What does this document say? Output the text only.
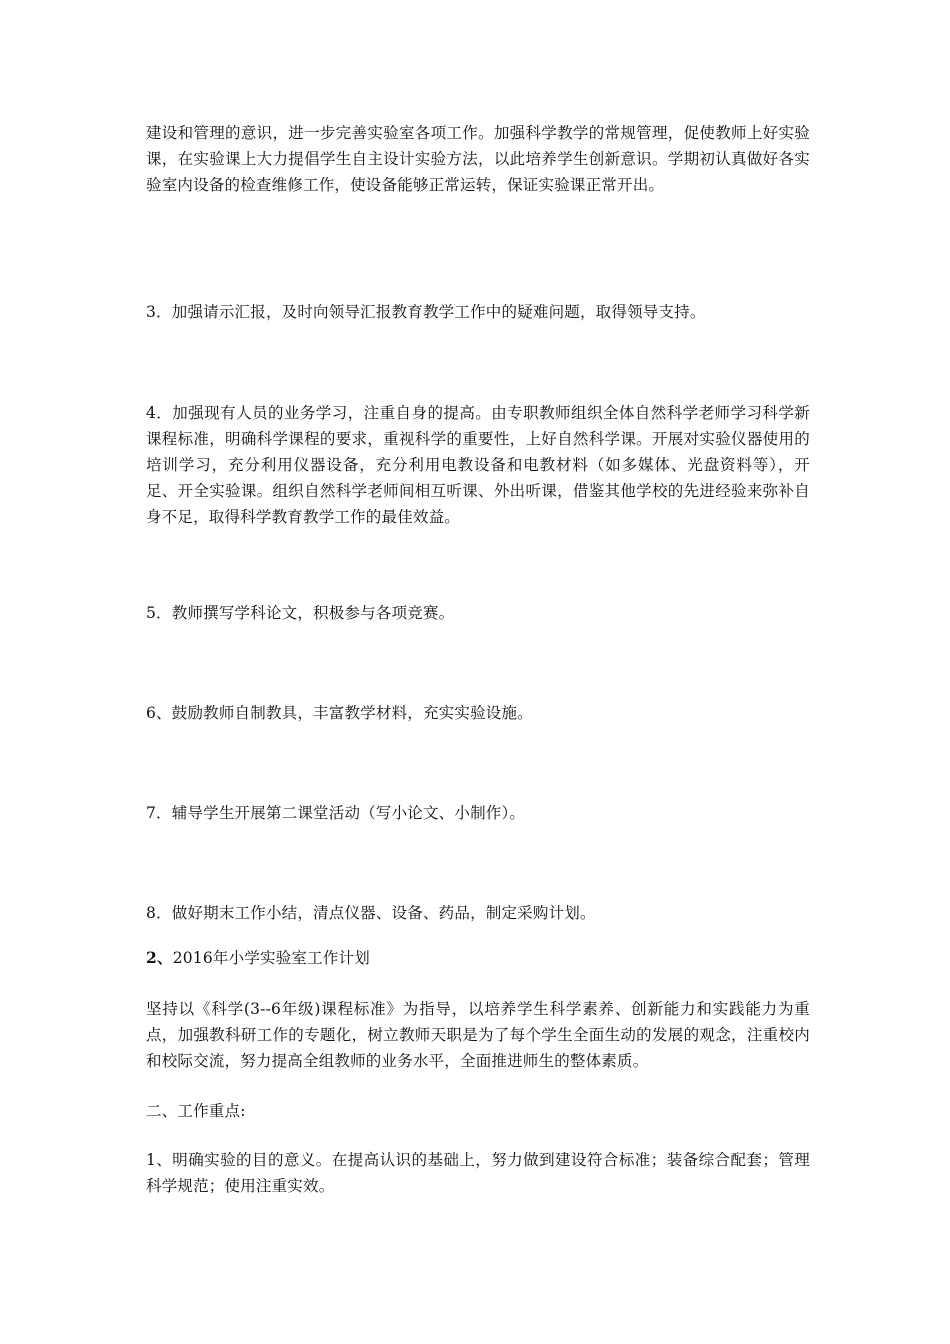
建设和管理的意识，进一步完善实验室各项工作。加强科学教学的常规管理，促使教师上好实验课，在实验课上大力提倡学生自主设计实验方法，以此培养学生创新意识。学期初认真做好各实验室内设备的检查维修工作，使设备能够正常运转，保证实验课正常开出。

3．加强请示汇报，及时向领导汇报教育教学工作中的疑难问题，取得领导支持。

4．加强现有人员的业务学习，注重自身的提高。由专职教师组织全体自然科学老师学习科学新课程标准，明确科学课程的要求，重视科学的重要性，上好自然科学课。开展对实验仪器使用的培训学习，充分利用仪器设备，充分利用电教设备和电教材料（如多媒体、光盘资料等），开足、开全实验课。组织自然科学老师间相互听课、外出听课，借鉴其他学校的先进经验来弥补自身不足，取得科学教育教学工作的最佳效益。

5．教师撰写学科论文，积极参与各项竞赛。

6、鼓励教师自制教具，丰富教学材料，充实实验设施。

7．辅导学生开展第二课堂活动（写小论文、小制作）。

8．做好期末工作小结，清点仪器、设备、药品，制定采购计划。

2、2016年小学实验室工作计划

坚持以《科学(3--6年级)课程标准》为指导，以培养学生科学素养、创新能力和实践能力为重点，加强教科研工作的专题化，树立教师天职是为了每个学生全面生动的发展的观念，注重校内和校际交流，努力提高全组教师的业务水平，全面推进师生的整体素质。

二、工作重点:

1、明确实验的目的意义。在提高认识的基础上，努力做到建设符合标准；装备综合配套；管理科学规范；使用注重实效。
